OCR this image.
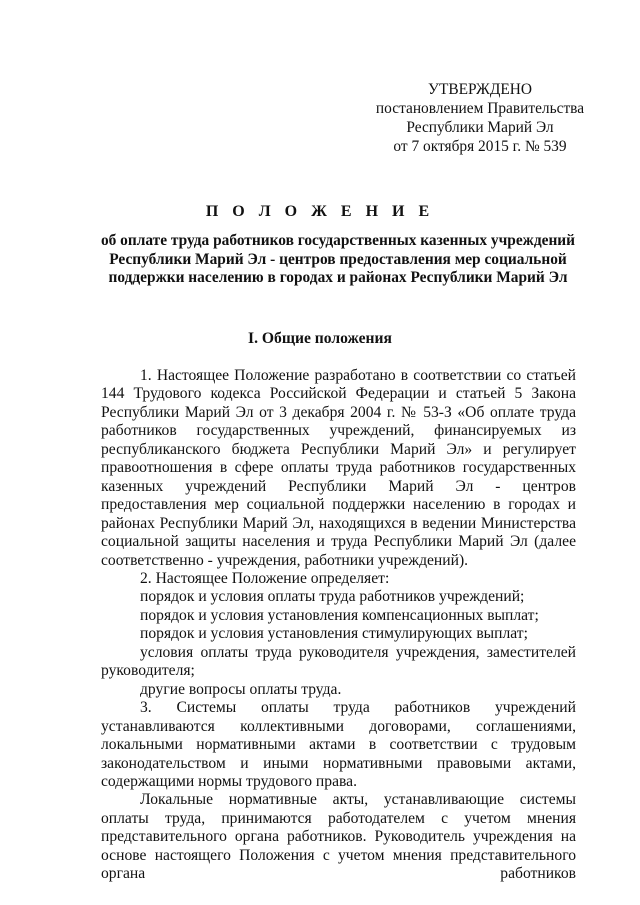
УТВЕРЖДЕНО
постановлением Правительства
Республики Марий Эл
от 7 октября 2015 г. № 539
П О Л О Ж Е Н И Е
об оплате труда работников государственных казенных учреждений Республики Марий Эл - центров предоставления мер социальной поддержки населению в городах и районах Республики Марий Эл
I. Общие положения

1. Настоящее Положение разработано в соответствии со статьей 144 Трудового кодекса Российской Федерации и статьей 5 Закона Республики Марий Эл от 3 декабря 2004 г. № 53-З «Об оплате труда работников государственных учреждений, финансируемых из республиканского бюджета Республики Марий Эл» и регулирует правоотношения в сфере оплаты труда работников государственных казенных учреждений Республики Марий Эл - центров предоставления мер социальной поддержки населению в городах и районах Республики Марий Эл, находящихся в ведении Министерства социальной защиты населения и труда Республики Марий Эл (далее соответственно - учреждения, работники учреждений).

2. Настоящее Положение определяет:

порядок и условия оплаты труда работников учреждений;

порядок и условия установления компенсационных выплат;

порядок и условия установления стимулирующих выплат;

условия оплаты труда руководителя учреждения, заместителей руководителя;

другие вопросы оплаты труда.

3. Системы оплаты труда работников учреждений устанавливаются коллективными договорами, соглашениями, локальными нормативными актами в соответствии с трудовым законодательством и иными нормативными правовыми актами, содержащими нормы трудового права.

Локальные нормативные акты, устанавливающие системы оплаты труда, принимаются работодателем с учетом мнения представительного органа работников. Руководитель учреждения на основе настоящего Положения с учетом мнения представительного органа работников
